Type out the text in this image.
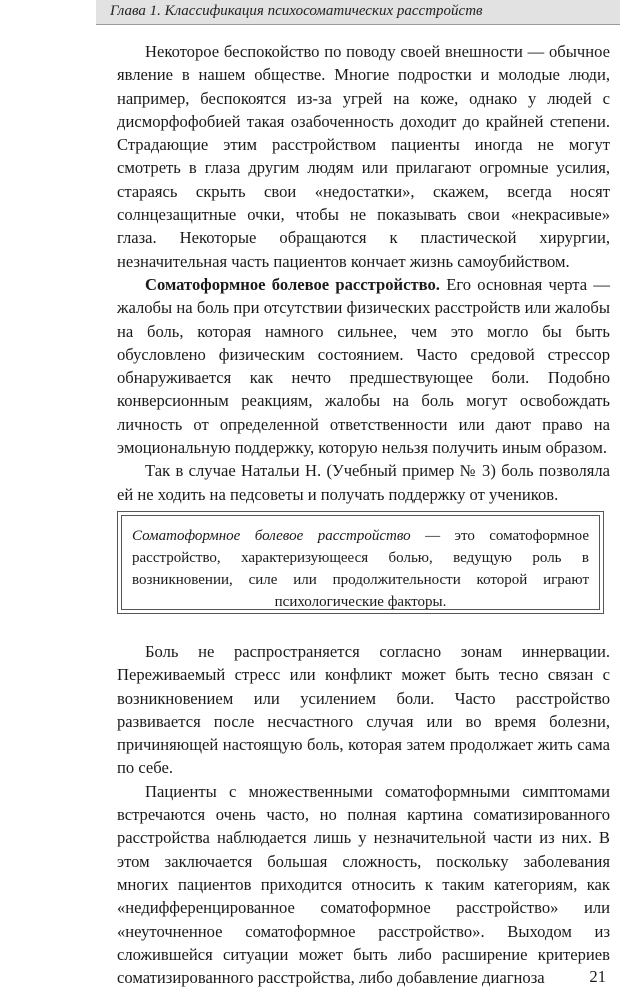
Глава 1. Классификация психосоматических расстройств

Некоторое беспокойство по поводу своей внешности — обычное явление в нашем обществе. Многие подростки и молодые люди, например, беспокоятся из-за угрей на коже, однако у людей с дисморфофобией такая озабоченность доходит до крайней степени. Страдающие этим расстройством пациенты иногда не могут смотреть в глаза другим людям или прилагают огромные усилия, стараясь скрыть свои «недостатки», скажем, всегда носят солнцезащитные очки, чтобы не показывать свои «некрасивые» глаза. Некоторые обращаются к пластической хирургии, незначительная часть пациентов кончает жизнь самоубийством.

Соматоформное болевое расстройство. Его основная черта — жалобы на боль при отсутствии физических расстройств или жалобы на боль, которая намного сильнее, чем это могло бы быть обусловлено физическим состоянием. Часто средовой стрессор обнаруживается как нечто предшествующее боли. Подобно конверсионным реакциям, жалобы на боль могут освобождать личность от определенной ответственности или дают право на эмоциональную поддержку, которую нельзя получить иным образом.

Так в случае Натальи Н. (Учебный пример № 3) боль позволяла ей не ходить на педсоветы и получать поддержку от учеников.

Соматоформное болевое расстройство — это соматоформное расстройство, характеризующееся болью, ведущую роль в возникновении, силе или продолжительности которой играют психологические факторы.

Боль не распространяется согласно зонам иннервации. Переживаемый стресс или конфликт может быть тесно связан с возникновением или усилением боли. Часто расстройство развивается после несчастного случая или во время болезни, причиняющей настоящую боль, которая затем продолжает жить сама по себе.

Пациенты с множественными соматоформными симптомами встречаются очень часто, но полная картина соматизированного расстройства наблюдается лишь у незначительной части из них. В этом заключается большая сложность, поскольку заболевания многих пациентов приходится относить к таким категориям, как «недифференцированное соматоформное расстройство» или «неуточненное соматоформное расстройство». Выходом из сложившейся ситуации может быть либо расширение критериев соматизированного расстройства, либо добавление диагноза	21
